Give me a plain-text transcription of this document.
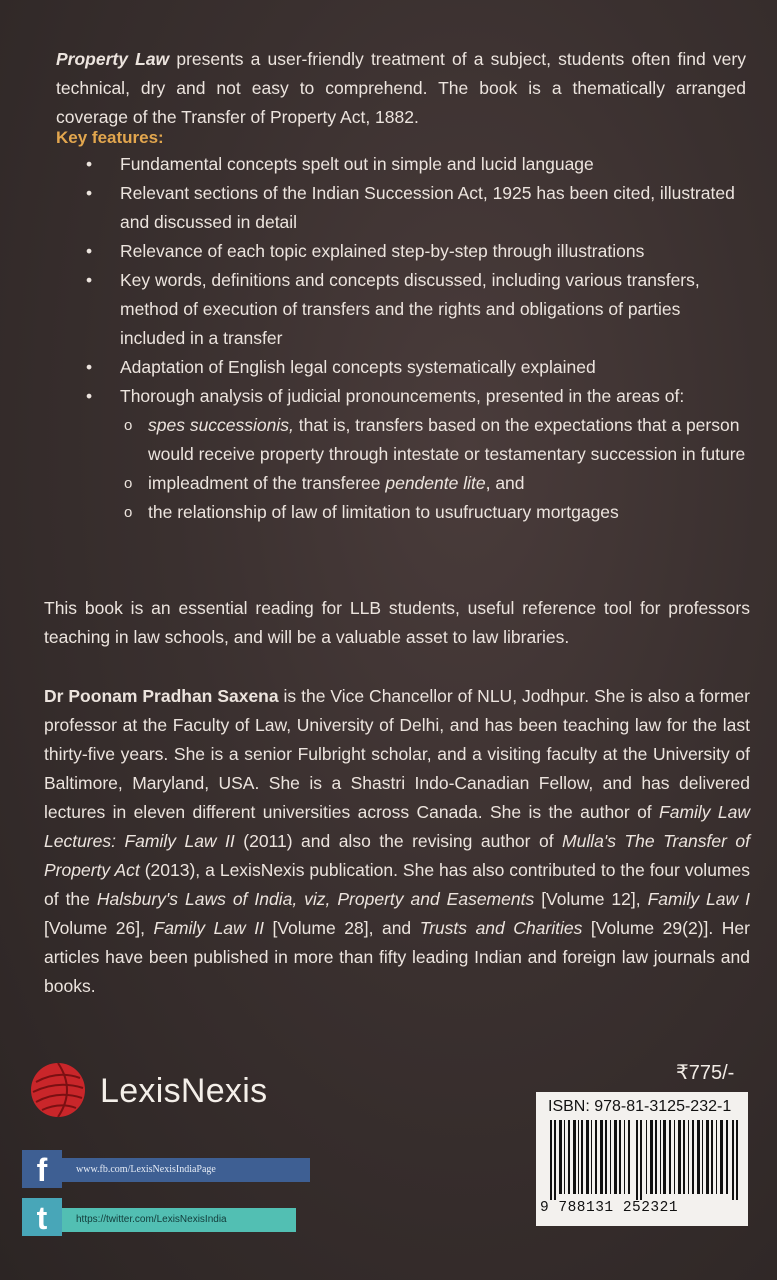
Property Law presents a user-friendly treatment of a subject, students often find very technical, dry and not easy to comprehend. The book is a thematically arranged coverage of the Transfer of Property Act, 1882.
Key features:
• Fundamental concepts spelt out in simple and lucid language
• Relevant sections of the Indian Succession Act, 1925 has been cited, illustrated and discussed in detail
• Relevance of each topic explained step-by-step through illustrations
• Key words, definitions and concepts discussed, including various transfers, method of execution of transfers and the rights and obligations of parties included in a transfer
• Adaptation of English legal concepts systematically explained
• Thorough analysis of judicial pronouncements, presented in the areas of:
o spes successionis, that is, transfers based on the expectations that a person would receive property through intestate or testamentary succession in future
o impleadment of the transferee pendente lite, and
o the relationship of law of limitation to usufructuary mortgages
This book is an essential reading for LLB students, useful reference tool for professors teaching in law schools, and will be a valuable asset to law libraries.
Dr Poonam Pradhan Saxena is the Vice Chancellor of NLU, Jodhpur. She is also a former professor at the Faculty of Law, University of Delhi, and has been teaching law for the last thirty-five years. She is a senior Fulbright scholar, and a visiting faculty at the University of Baltimore, Maryland, USA. She is a Shastri Indo-Canadian Fellow, and has delivered lectures in eleven different universities across Canada. She is the author of Family Law Lectures: Family Law II (2011) and also the revising author of Mulla's The Transfer of Property Act (2013), a LexisNexis publication. She has also contributed to the four volumes of the Halsbury's Laws of India, viz, Property and Easements [Volume 12], Family Law I [Volume 26], Family Law II [Volume 28], and Trusts and Charities [Volume 29(2)]. Her articles have been published in more than fifty leading Indian and foreign law journals and books.
LexisNexis
f	www.fb.com/LexisNexisIndiaPage
t	https://twitter.com/LexisNexisIndia
₹775/-
ISBN: 978-81-3125-232-1
9 788131 252321
